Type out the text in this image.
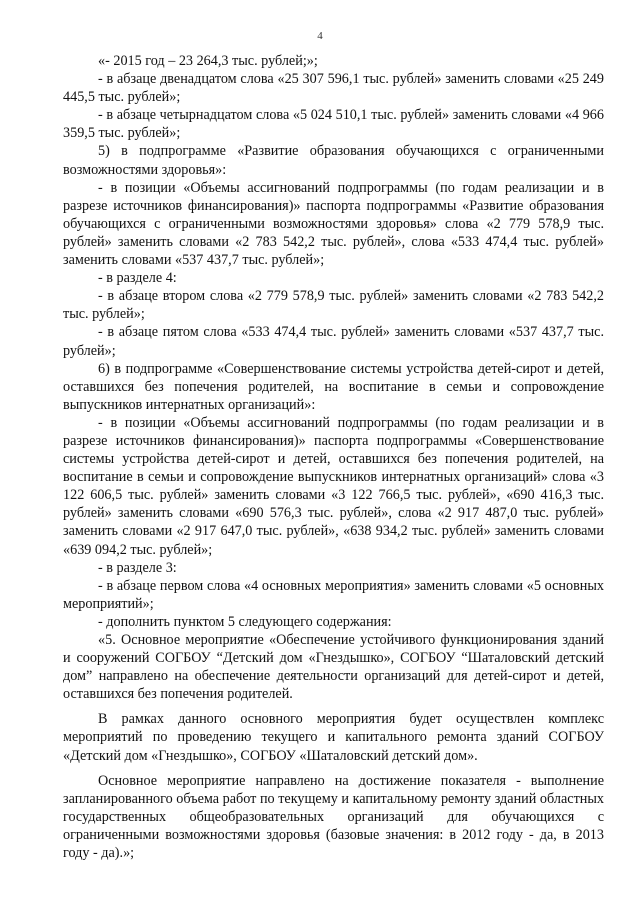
4

«- 2015 год – 23 264,3 тыс. рублей;»;

- в абзаце двенадцатом слова «25 307 596,1 тыс. рублей» заменить словами «25 249 445,5 тыс. рублей»;

- в абзаце четырнадцатом слова «5 024 510,1 тыс. рублей» заменить словами «4 966 359,5 тыс. рублей»;

5) в подпрограмме «Развитие образования обучающихся с ограниченными возможностями здоровья»:

- в позиции «Объемы ассигнований подпрограммы (по годам реализации и в разрезе источников финансирования)» паспорта подпрограммы «Развитие образования обучающихся с ограниченными возможностями здоровья» слова «2 779 578,9 тыс. рублей» заменить словами «2 783 542,2 тыс. рублей», слова «533 474,4 тыс. рублей» заменить словами «537 437,7 тыс. рублей»;

- в разделе 4:

- в абзаце втором слова «2 779 578,9 тыс. рублей» заменить словами «2 783 542,2 тыс. рублей»;

- в абзаце пятом слова «533 474,4 тыс. рублей» заменить словами «537 437,7 тыс. рублей»;

6) в подпрограмме «Совершенствование системы устройства детей-сирот и детей, оставшихся без попечения родителей, на воспитание в семьи и сопровождение выпускников интернатных организаций»:

- в позиции «Объемы ассигнований подпрограммы (по годам реализации и в разрезе источников финансирования)» паспорта подпрограммы «Совершенствование системы устройства детей-сирот и детей, оставшихся без попечения родителей, на воспитание в семьи и сопровождение выпускников интернатных организаций» слова «3 122 606,5 тыс. рублей» заменить словами «3 122 766,5 тыс. рублей», «690 416,3 тыс. рублей» заменить словами «690 576,3 тыс. рублей», слова «2 917 487,0 тыс. рублей» заменить словами «2 917 647,0 тыс. рублей», «638 934,2 тыс. рублей» заменить словами «639 094,2 тыс. рублей»;

- в разделе 3:

- в абзаце первом слова «4 основных мероприятия» заменить словами «5 основных мероприятий»;

- дополнить пунктом 5 следующего содержания:

«5. Основное мероприятие «Обеспечение устойчивого функционирования зданий и сооружений СОГБОУ “Детский дом «Гнездышко», СОГБОУ “Шаталовский детский дом” направлено на обеспечение деятельности организаций для детей-сирот и детей, оставшихся без попечения родителей.

В рамках данного основного мероприятия будет осуществлен комплекс мероприятий по проведению текущего и капитального ремонта зданий СОГБОУ «Детский дом «Гнездышко», СОГБОУ «Шаталовский детский дом».

Основное мероприятие направлено на достижение показателя - выполнение запланированного объема работ по текущему и капитальному ремонту зданий областных государственных общеобразовательных организаций для обучающихся с ограниченными возможностями здоровья (базовые значения: в 2012 году - да, в 2013 году - да).»;
